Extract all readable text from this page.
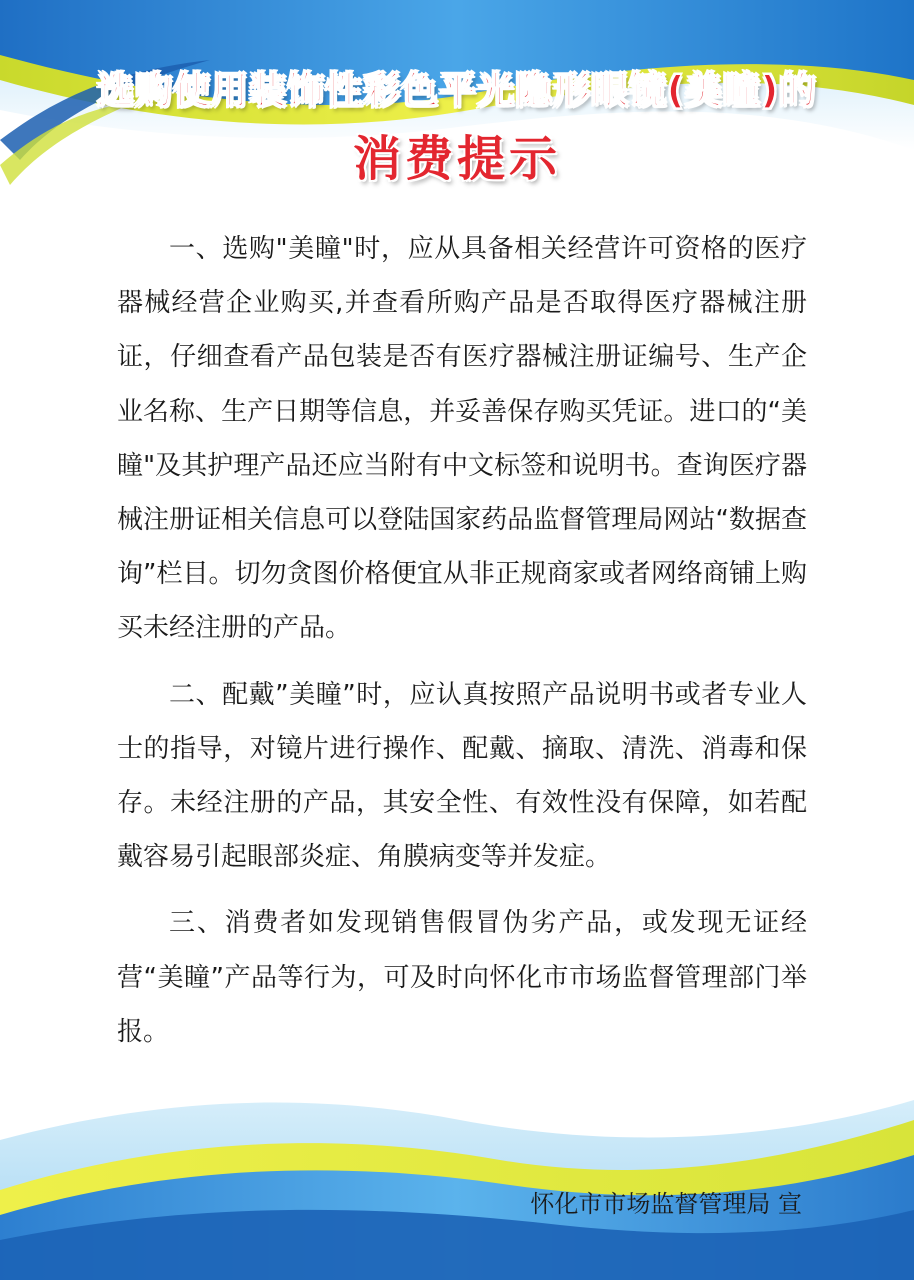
选购使用装饰性彩色平光隐形眼镜(美瞳)的
消费提示

一、选购"美瞳"时，应从具备相关经营许可资格的医疗器械经营企业购买,并查看所购产品是否取得医疗器械注册证，仔细查看产品包装是否有医疗器械注册证编号、生产企业名称、生产日期等信息，并妥善保存购买凭证。进口的“美瞳"及其护理产品还应当附有中文标签和说明书。查询医疗器械注册证相关信息可以登陆国家药品监督管理局网站“数据查询”栏目。切勿贪图价格便宜从非正规商家或者网络商铺上购买未经注册的产品。

二、配戴”美瞳”时，应认真按照产品说明书或者专业人士的指导，对镜片进行操作、配戴、摘取、清洗、消毒和保存。未经注册的产品，其安全性、有效性没有保障，如若配戴容易引起眼部炎症、角膜病变等并发症。

三、消费者如发现销售假冒伪劣产品，或发现无证经营“美瞳”产品等行为，可及时向怀化市市场监督管理部门举报。

怀化市市场监督管理局 宣
